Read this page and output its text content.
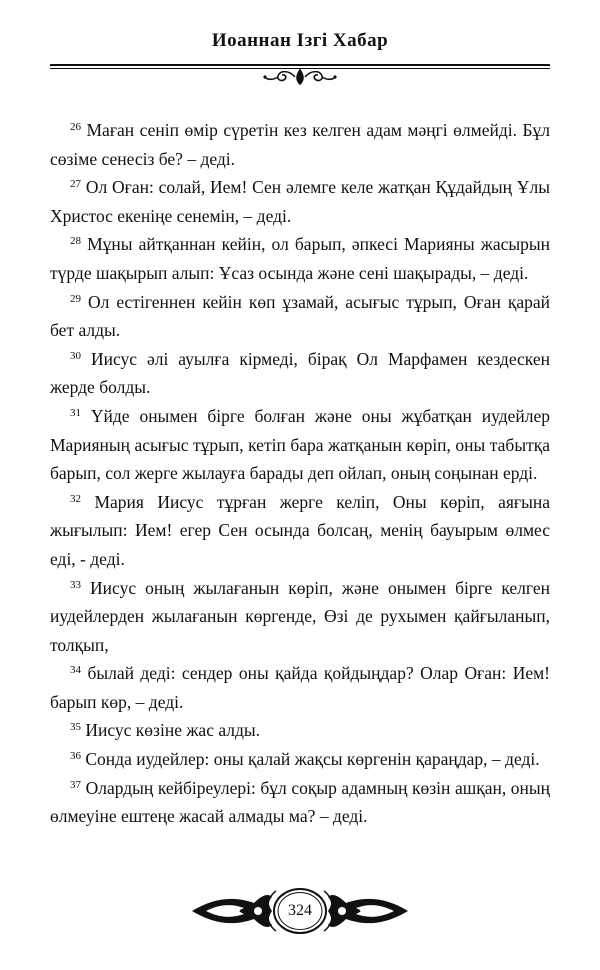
Иоаннан Ізгі Хабар

$^{26}$ Маған сеніп өмір сүретін кез келген адам мәңгі өлмейді. Бұл сөзіме сенесіз бе? – деді.

$^{27}$ Ол Оған: солай, Ием! Сен әлемге келе жатқан Құдайдың Ұлы Христос екеніңе сенемін, – деді.

$^{28}$ Мұны айтқаннан кейін, ол барып, әпкесі Марияны жасырын түрде шақырып алып: Ұсаз осында және сені шақырады, – деді.

$^{29}$ Ол естігеннен кейін көп ұзамай, асығыс тұрып, Оған қарай бет алды.

$^{30}$ Иисус әлі ауылға кірмеді, бірақ Ол Марфамен кездескен жерде болды.

$^{31}$ Үйде онымен бірге болған және оны жұбатқан иудейлер Марияның асығыс тұрып, кетіп бара жатқанын көріп, оны табытқа барып, сол жерге жылауға барады деп ойлап, оның соңынан ерді.

$^{32}$ Мария Иисус тұрған жерге келіп, Оны көріп, аяғына жығылып: Ием! егер Сен осында болсаң, менің бауырым өлмес еді, - деді.

$^{33}$ Иисус оның жылағанын көріп, және онымен бірге келген иудейлерден жылағанын көргенде, Өзі де рухымен қайғыланып, толқып,

$^{34}$ былай деді: сендер оны қайда қойдыңдар? Олар Оған: Ием! барып көр, – деді.

$^{35}$ Иисус көзіне жас алды.

$^{36}$ Сонда иудейлер: оны қалай жақсы көргенін қараңдар, – деді.

$^{37}$ Олардың кейбіреулері: бұл соқыр адамның көзін ашқан, оның өлмеуіне ештеңе жасай алмады ма? – деді.

324
